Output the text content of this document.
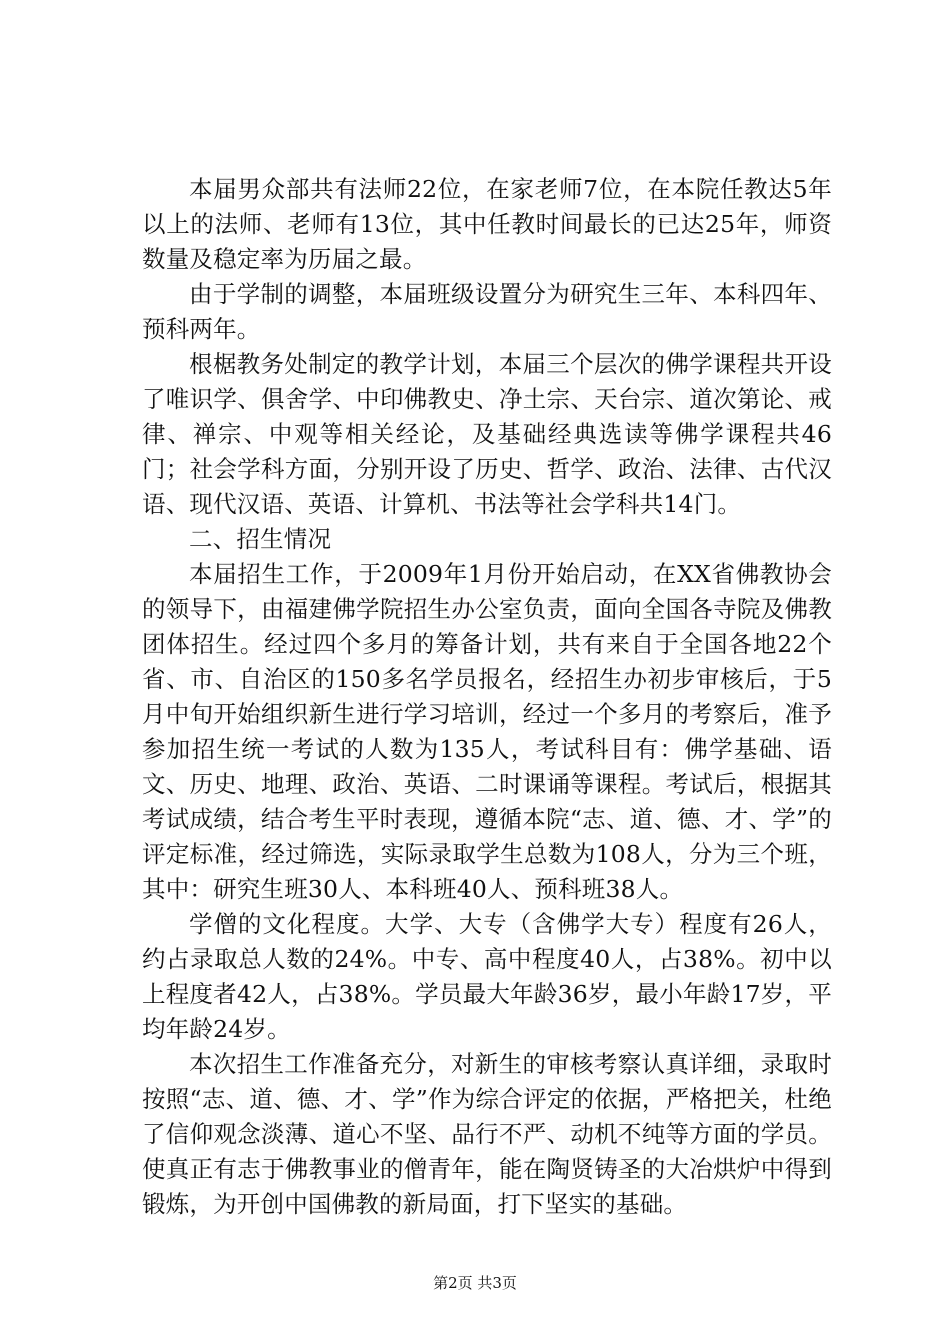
本届男众部共有法师22位，在家老师7位，在本院任教达5年以上的法师、老师有13位，其中任教时间最长的已达25年，师资数量及稳定率为历届之最。

由于学制的调整，本届班级设置分为研究生三年、本科四年、预科两年。

根椐教务处制定的教学计划，本届三个层次的佛学课程共开设了唯识学、俱舍学、中印佛教史、净土宗、天台宗、道次第论、戒律、禅宗、中观等相关经论，及基础经典选读等佛学课程共46门；社会学科方面，分别开设了历史、哲学、政治、法律、古代汉语、现代汉语、英语、计算机、书法等社会学科共14门。

二、招生情况

本届招生工作，于2009年1月份开始启动，在XX省佛教协会的领导下，由福建佛学院招生办公室负责，面向全国各寺院及佛教团体招生。经过四个多月的筹备计划，共有来自于全国各地22个省、市、自治区的150多名学员报名，经招生办初步审核后，于5月中旬开始组织新生进行学习培训，经过一个多月的考察后，准予参加招生统一考试的人数为135人，考试科目有：佛学基础、语文、历史、地理、政治、英语、二时课诵等课程。考试后，根据其考试成绩，结合考生平时表现，遵循本院“志、道、德、才、学”的评定标准，经过筛选，实际录取学生总数为108人，分为三个班，其中：研究生班30人、本科班40人、预科班38人。

学僧的文化程度。大学、大专（含佛学大专）程度有26人，约占录取总人数的24%。中专、高中程度40人，占38%。初中以上程度者42人，占38%。学员最大年龄36岁，最小年龄17岁，平均年龄24岁。

本次招生工作准备充分，对新生的审核考察认真详细，录取时按照“志、道、德、才、学”作为综合评定的依据，严格把关，杜绝了信仰观念淡薄、道心不坚、品行不严、动机不纯等方面的学员。使真正有志于佛教事业的僧青年，能在陶贤铸圣的大冶烘炉中得到锻炼，为开创中国佛教的新局面，打下坚实的基础。

第2页 共3页
